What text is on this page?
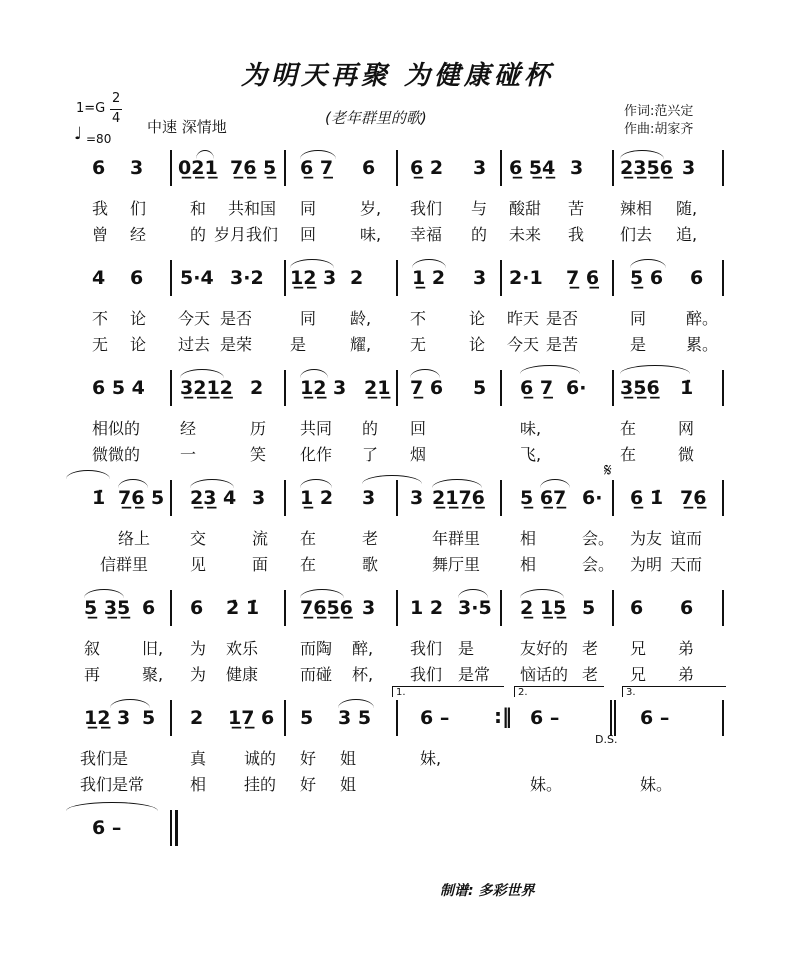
为明天再聚 为健康碰杯
1=G
2
4
♩ =80
中速 深情地	(老年群里的歌)	作词:范兴定
作曲:胡家齐
6 3 0̲2̲1̲ 7̲6̲ 5̲ 6̲ 7̲ 6 6̲ 2 3 6̲ 5̲4̲ 3 2̲3̲5̲6̲ 3
我 们	和 共和国 同	岁, 我们 与 酸甜 苦 辣相 随,
曾 经	的 岁月我们 回	味, 幸福 的 未来 我 们去 追,
4 6 5·4 3·2 1̲2̲ 3 2	1̲ 2 3 2·1 7̲ 6̲ 5̲ 6 6
不 论 今天 是否	同 龄, 不	论 昨天 是否	同 醉。
无 论 过去 是荣 是	耀, 无	论 今天 是苦	是 累。
6 5 4 3̲2̲1̲2̲ 2 1̲2̲ 3 2̲1̲ 7̲ 6 5 6̲ 7̲ 6· 3̲5̲6̲ 1̇
相似的 经	历 共同 的 回	味,	在	网
微微的 一	笑 化作 了 烟	飞,	在	微
𝄋
1̇ 7̲6̲ 5 2̲3̲ 4 3 1̲ 2 3 3 2̲1̲7̲6̲ 5̲ 6̲7̲ 6· 6̲ 1̇ 7̲6̲
络上 交	流 在	老	年群里 相	会。 为友 谊而
信群里	见	面 在	歌	舞厅里 相	会。 为明 天而
5̲ 3̲5̲ 6 6 2̇ 1̇ 7̲6̲5̲6̲ 3 1 2 3·5 2̲ 1̲5̲ 5 6 6
叙	旧, 为 欢乐	而陶 醉, 我们 是	友好的 老 兄 弟
再	聚, 为 健康	而碰 杯, 我们 是常 恼话的 老 兄 弟
1.	2.	3.
1̲2̲ 3 5 2 1̲7̲ 6 5 3 5	6 – :‖ 6 –	6 –
D.S.
我们是	真 诚的 好 姐	妹,
我们是常	相 挂的 好 姐	妹。	妹。
6 –
制谱: 多彩世界
